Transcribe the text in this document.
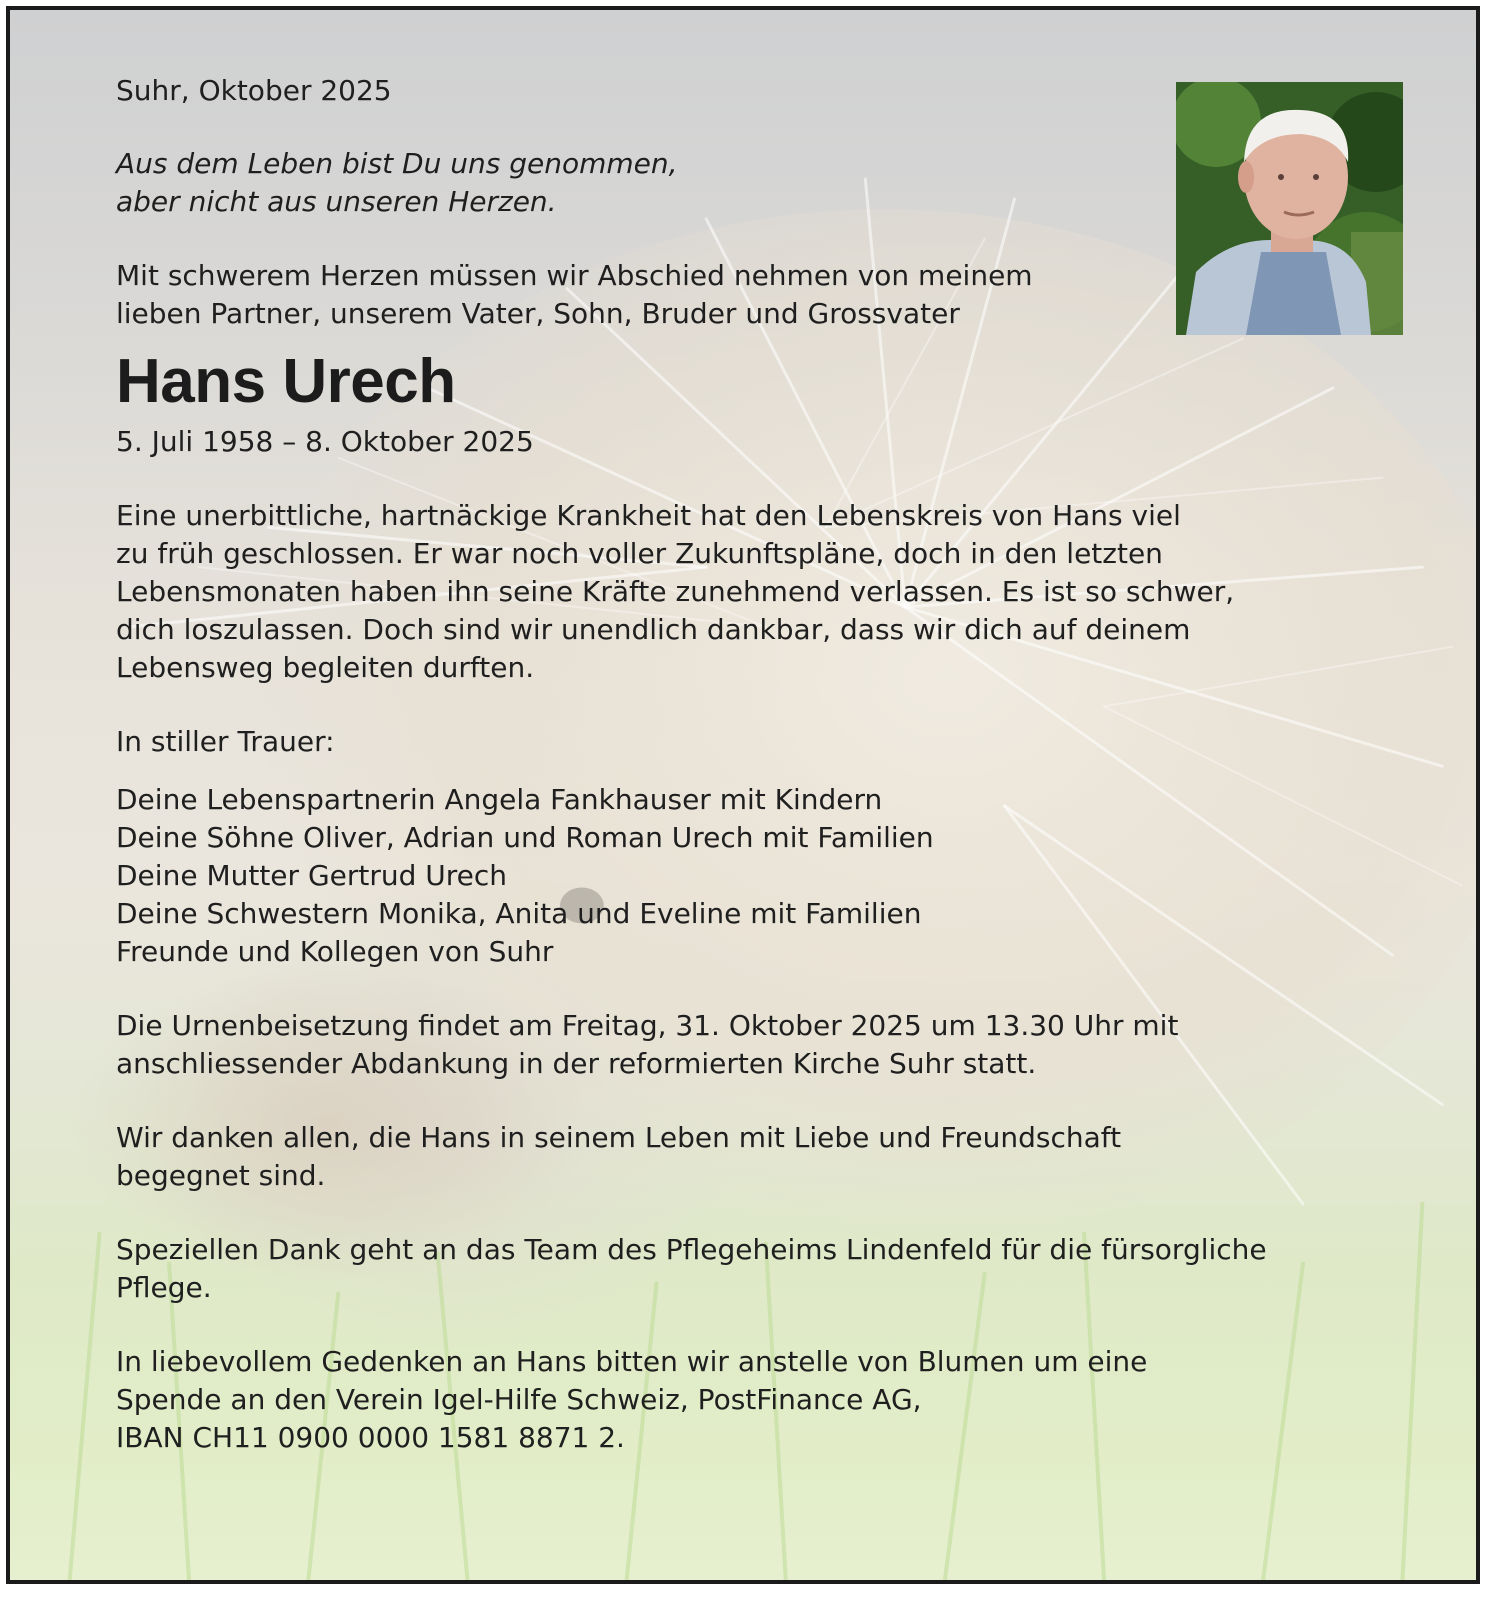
Suhr, Oktober 2025

Aus dem Leben bist Du uns genommen,
aber nicht aus unseren Herzen.

Mit schwerem Herzen müssen wir Abschied nehmen von meinem
lieben Partner, unserem Vater, Sohn, Bruder und Grossvater

Hans Urech

5. Juli 1958 – 8. Oktober 2025

Eine unerbittliche, hartnäckige Krankheit hat den Lebenskreis von Hans viel
zu früh geschlossen. Er war noch voller Zukunftspläne, doch in den letzten
Lebensmonaten haben ihn seine Kräfte zunehmend verlassen. Es ist so schwer,
dich loszulassen. Doch sind wir unendlich dankbar, dass wir dich auf deinem
Lebensweg begleiten durften.

In stiller Trauer:

Deine Lebenspartnerin Angela Fankhauser mit Kindern
Deine Söhne Oliver, Adrian und Roman Urech mit Familien
Deine Mutter Gertrud Urech
Deine Schwestern Monika, Anita und Eveline mit Familien
Freunde und Kollegen von Suhr

Die Urnenbeisetzung findet am Freitag, 31. Oktober 2025 um 13.30 Uhr mit
anschliessender Abdankung in der reformierten Kirche Suhr statt.

Wir danken allen, die Hans in seinem Leben mit Liebe und Freundschaft
begegnet sind.

Speziellen Dank geht an das Team des Pflegeheims Lindenfeld für die fürsorgliche
Pflege.

In liebevollem Gedenken an Hans bitten wir anstelle von Blumen um eine
Spende an den Verein Igel-Hilfe Schweiz, PostFinance AG,
IBAN CH11 0900 0000 1581 8871 2.
